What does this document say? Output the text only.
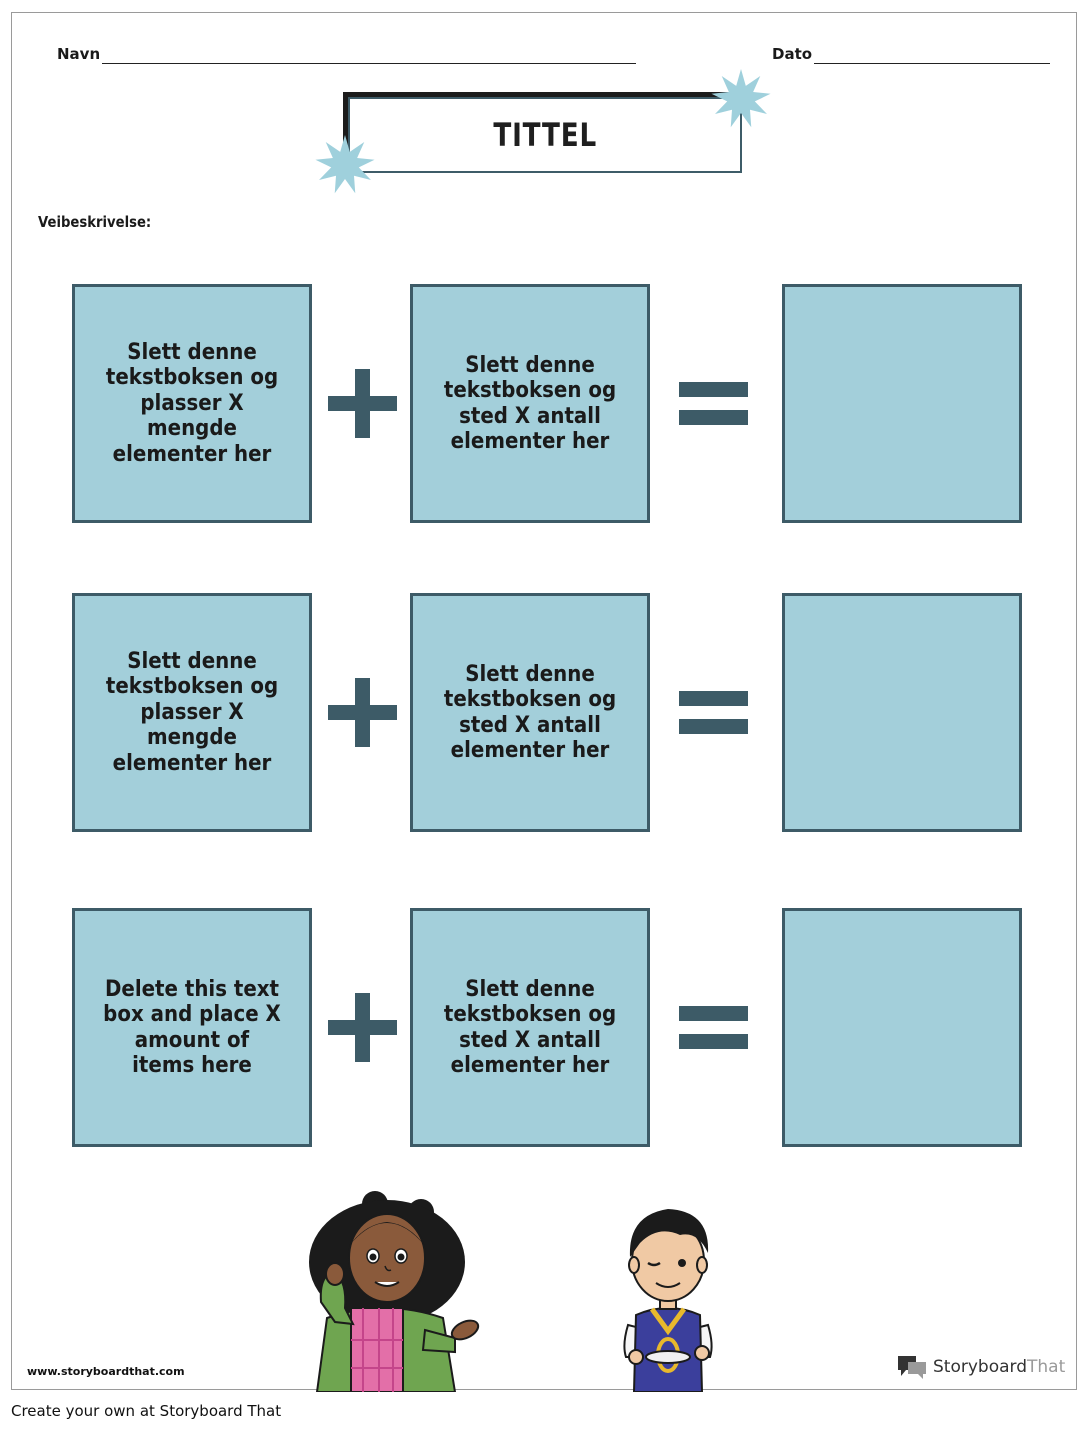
Navn	Dato
TITTEL
Veibeskrivelse:
Slett denne tekstboksen og plasser X mengde elementer her
Slett denne tekstboksen og sted X antall elementer her
Slett denne tekstboksen og plasser X mengde elementer her
Slett denne tekstboksen og sted X antall elementer her
Delete this text box and place X amount of items here
Slett denne tekstboksen og sted X antall elementer her
www.storyboardthat.com	StoryboardThat
Create your own at Storyboard That
